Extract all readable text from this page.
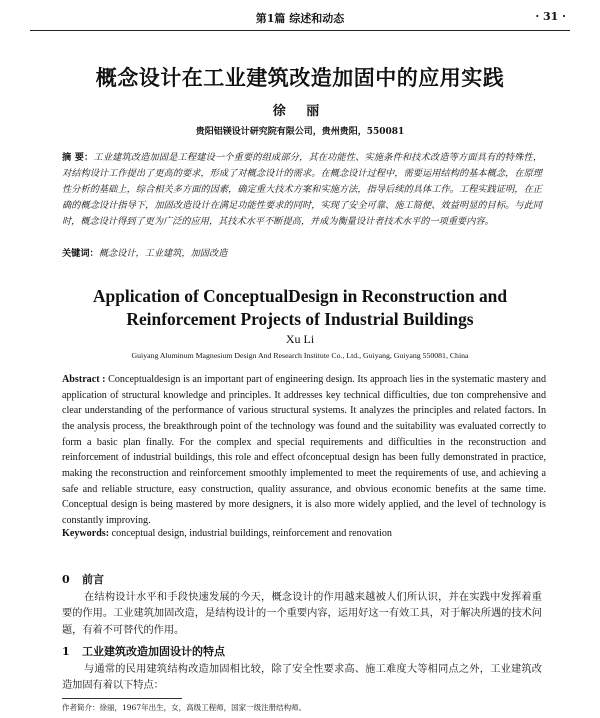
第1篇 综述和动态	· 31 ·
概念设计在工业建筑改造加固中的应用实践
徐 丽
贵阳铝镁设计研究院有限公司，贵州贵阳，550081
摘 要：工业建筑改造加固是工程建设一个重要的组成部分，其在功能性、实施条件和技术改造等方面具有的特殊性，对结构设计工作提出了更高的要求，形成了对概念设计的需求。在概念设计过程中，需要运用结构的基本概念，在原理性分析的基础上，综合相关多方面的因素，确定重大技术方案和实施方法，指导后续的具体工作。工程实践证明，在正确的概念设计指导下，加固改造设计在满足功能性要求的同时，实现了安全可靠、施工简便、效益明显的目标。与此同时，概念设计得到了更为广泛的应用，其技术水平不断提高，并成为衡量设计者技术水平的一项重要内容。
关键词：概念设计，工业建筑，加固改造
Application of ConceptualDesign in Reconstruction and
Reinforcement Projects of Industrial Buildings
Xu Li
Guiyang Aluminum Magnesium Design And Research Institute Co., Ltd., Guiyang, Guiyang 550081, China
Abstract : Conceptualdesign is an important part of engineering design. Its approach lies in the systematic mastery and application of structural knowledge and principles. It addresses key technical difficulties, due ton comprehensive and clear understanding of the performance of various structural systems. It analyzes the principles and related factors. In the analysis process, the breakthrough point of the technology was found and the suitability was evaluated correctly to form a basic plan finally. For the complex and special requirements and difficulties in the reconstruction and reinforcement of industrial buildings, this role and effect ofconceptual design has been fully demonstrated in practice, making the reconstruction and reinforcement smoothly implemented to meet the requirements of use, and achieving a safe and reliable structure, easy construction, quality assurance, and obvious economic benefits at the same time. Conceptual design is being mastered by more designers, it is also more widely applied, and the level of technology is constantly improving.
Keywords: conceptual design, industrial buildings, reinforcement and renovation
0 前言
在结构设计水平和手段快速发展的今天，概念设计的作用越来越被人们所认识，并在实践中发挥着重要的作用。工业建筑加固改造，是结构设计的一个重要内容，运用好这一有效工具，对于解决所遇的技术问题，有着不可替代的作用。
1 工业建筑改造加固设计的特点
与通常的民用建筑结构改造加固相比较，除了安全性要求高、施工难度大等相同点之外，工业建筑改造加固有着以下特点：
作者简介：徐丽，1967年出生，女，高级工程师，国家一级注册结构师。
